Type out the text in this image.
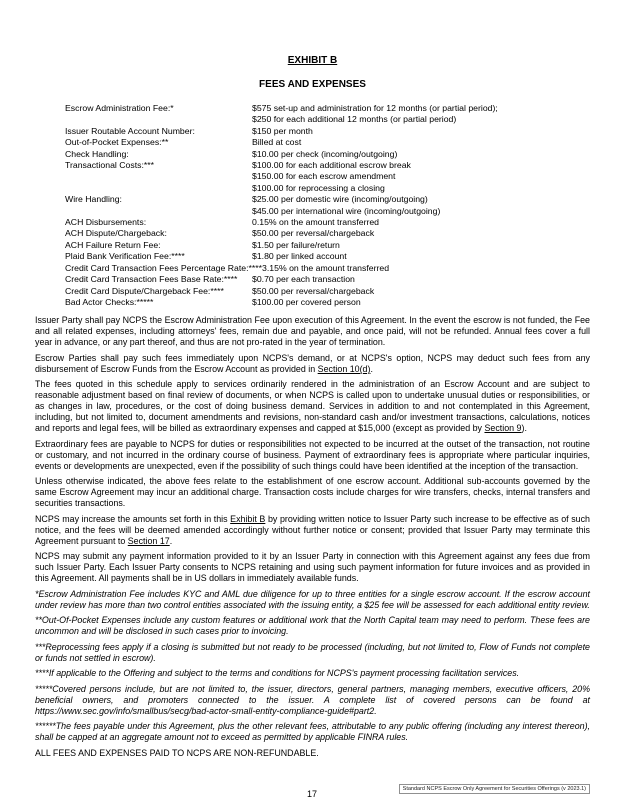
EXHIBIT B
FEES AND EXPENSES
Escrow Administration Fee:*	$575 set-up and administration for 12 months (or partial period);
$250 for each additional 12 months (or partial period)
Issuer Routable Account Number:	$150 per month
Out-of-Pocket Expenses:**	Billed at cost
Check Handling:	$10.00 per check (incoming/outgoing)
Transactional Costs:***	$100.00 for each additional escrow break
$150.00 for each escrow amendment
$100.00 for reprocessing a closing
Wire Handling:	$25.00 per domestic wire (incoming/outgoing)
$45.00 per international wire (incoming/outgoing)
ACH Disbursements:	0.15% on the amount transferred
ACH Dispute/Chargeback:	$50.00 per reversal/chargeback
ACH Failure Return Fee:	$1.50 per failure/return
Plaid Bank Verification Fee:****	$1.80 per linked account
Credit Card Transaction Fees Percentage Rate:**** 3.15% on the amount transferred
Credit Card Transaction Fees Base Rate:****	$0.70 per each transaction
Credit Card Dispute/Chargeback Fee:****	$50.00 per reversal/chargeback
Bad Actor Checks:*****	$100.00 per covered person

Issuer Party shall pay NCPS the Escrow Administration Fee upon execution of this Agreement. In the event the escrow is not funded, the Fee and all related expenses, including attorneys' fees, remain due and payable, and once paid, will not be refunded. Annual fees cover a full year in advance, or any part thereof, and thus are not pro-rated in the year of termination.

Escrow Parties shall pay such fees immediately upon NCPS's demand, or at NCPS's option, NCPS may deduct such fees from any disbursement of Escrow Funds from the Escrow Account as provided in Section 10(d).

The fees quoted in this schedule apply to services ordinarily rendered in the administration of an Escrow Account and are subject to reasonable adjustment based on final review of documents, or when NCPS is called upon to undertake unusual duties or responsibilities, or as changes in law, procedures, or the cost of doing business demand. Services in addition to and not contemplated in this Agreement, including, but not limited to, document amendments and revisions, non-standard cash and/or investment transactions, calculations, notices and reports and legal fees, will be billed as extraordinary expenses and capped at $15,000 (except as provided by Section 9).

Extraordinary fees are payable to NCPS for duties or responsibilities not expected to be incurred at the outset of the transaction, not routine or customary, and not incurred in the ordinary course of business. Payment of extraordinary fees is appropriate where particular inquiries, events or developments are unexpected, even if the possibility of such things could have been identified at the inception of the transaction.

Unless otherwise indicated, the above fees relate to the establishment of one escrow account. Additional sub-accounts governed by the same Escrow Agreement may incur an additional charge. Transaction costs include charges for wire transfers, checks, internal transfers and securities transactions.

NCPS may increase the amounts set forth in this Exhibit B by providing written notice to Issuer Party such increase to be effective as of such notice, and the fees will be deemed amended accordingly without further notice or consent; provided that Issuer Party may terminate this Agreement pursuant to Section 17.

NCPS may submit any payment information provided to it by an Issuer Party in connection with this Agreement against any fees due from such Issuer Party. Each Issuer Party consents to NCPS retaining and using such payment information for future invoices and as provided in this Agreement. All payments shall be in US dollars in immediately available funds.

*Escrow Administration Fee includes KYC and AML due diligence for up to three entities for a single escrow account. If the escrow account under review has more than two control entities associated with the issuing entity, a $25 fee will be assessed for each additional entity review.

**Out-Of-Pocket Expenses include any custom features or additional work that the North Capital team may need to perform. These fees are uncommon and will be disclosed in such cases prior to invoicing.

***Reprocessing fees apply if a closing is submitted but not ready to be processed (including, but not limited to, Flow of Funds not complete or funds not settled in escrow).

****If applicable to the Offering and subject to the terms and conditions for NCPS's payment processing facilitation services.

*****Covered persons include, but are not limited to, the issuer, directors, general partners, managing members, executive officers, 20% beneficial owners, and promoters connected to the issuer. A complete list of covered persons can be found at https://www.sec.gov/info/smallbus/secg/bad-actor-small-entity-compliance-guide#part2.

******The fees payable under this Agreement, plus the other relevant fees, attributable to any public offering (including any interest thereon), shall be capped at an aggregate amount not to exceed as permitted by applicable FINRA rules.

ALL FEES AND EXPENSES PAID TO NCPS ARE NON-REFUNDABLE.

17	Standard NCPS Escrow Only Agreement for Securities Offerings (v 2023.1)
